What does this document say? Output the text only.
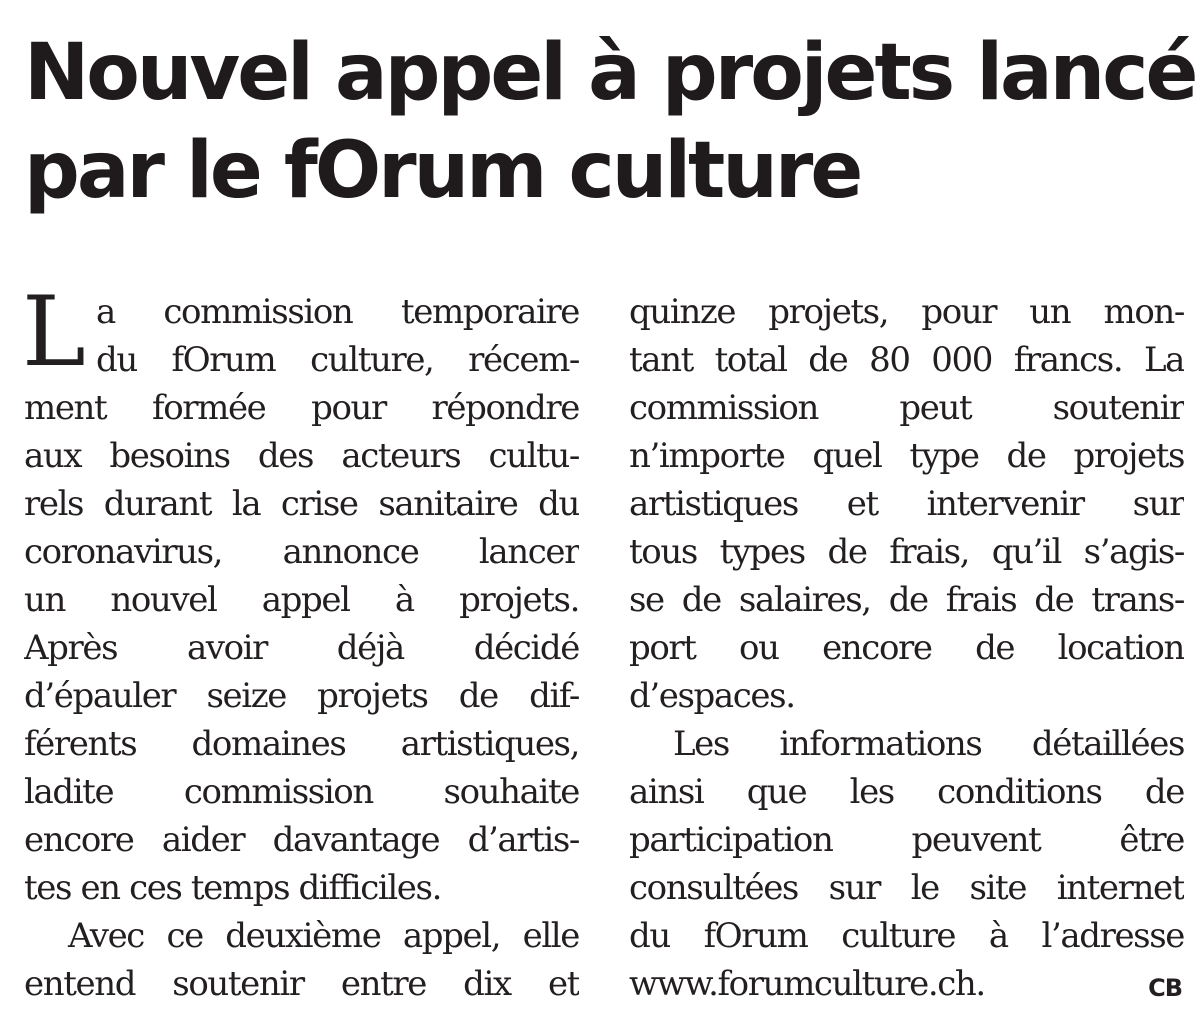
Nouvel appel à projets lancé
par le fOrum culture
L a commission temporaire
du fOrum culture, récem-
ment formée pour répondre
aux besoins des acteurs cultu-
rels durant la crise sanitaire du
coronavirus, annonce lancer
un nouvel appel à projets.
Après avoir déjà décidé
d’épauler seize projets de dif-
férents domaines artistiques,
ladite commission souhaite
encore aider davantage d’artis-
tes en ces temps difficiles.
Avec ce deuxième appel, elle
entend soutenir entre dix et
quinze projets, pour un mon-
tant total de 80 000 francs. La
commission peut soutenir
n’importe quel type de projets
artistiques et intervenir sur
tous types de frais, qu’il s’agis-
se de salaires, de frais de trans-
port ou encore de location
d’espaces.
Les informations détaillées
ainsi que les conditions de
participation peuvent être
consultées sur le site internet
du fOrum culture à l’adresse
www.forumculture.ch.	CB
